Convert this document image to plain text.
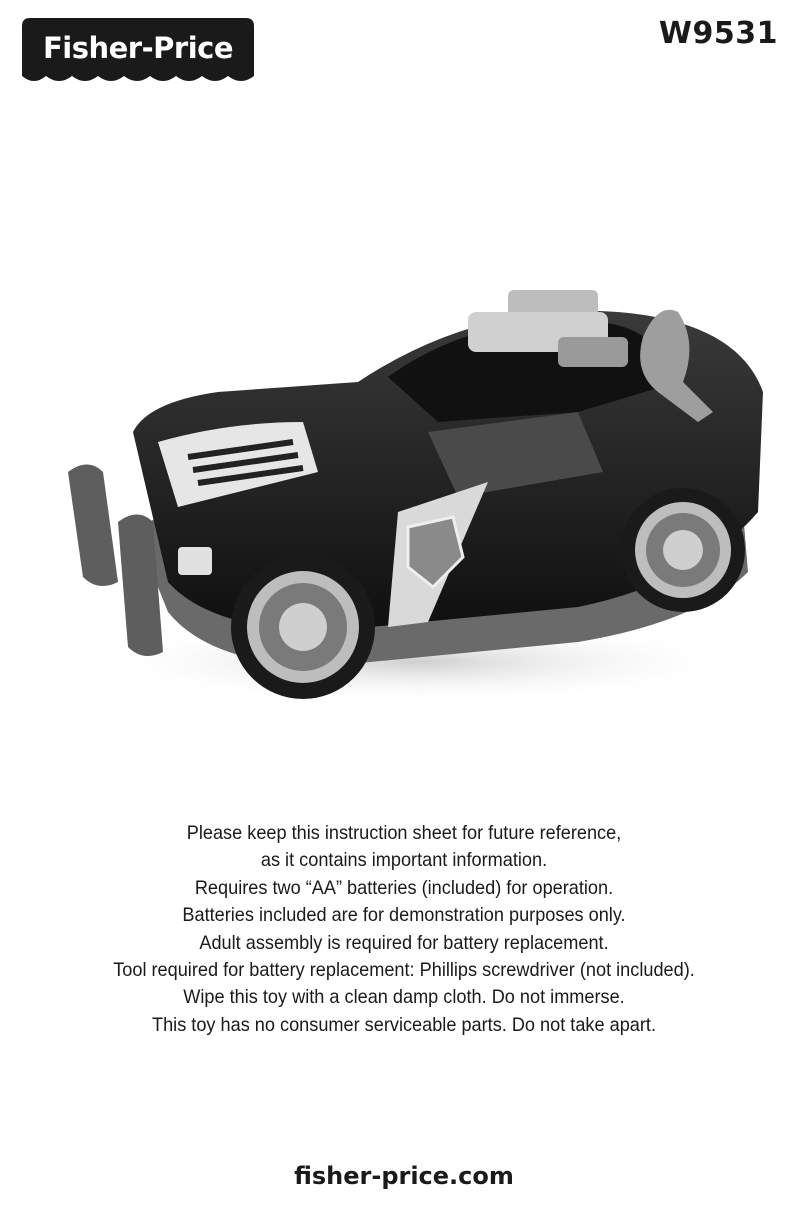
Fisher-Price	W9531
Please keep this instruction sheet for future reference,
as it contains important information.
Requires two “AA” batteries (included) for operation.
Batteries included are for demonstration purposes only.
Adult assembly is required for battery replacement.
Tool required for battery replacement: Phillips screwdriver (not included).
Wipe this toy with a clean damp cloth. Do not immerse.
This toy has no consumer serviceable parts. Do not take apart.
fisher-price.com
